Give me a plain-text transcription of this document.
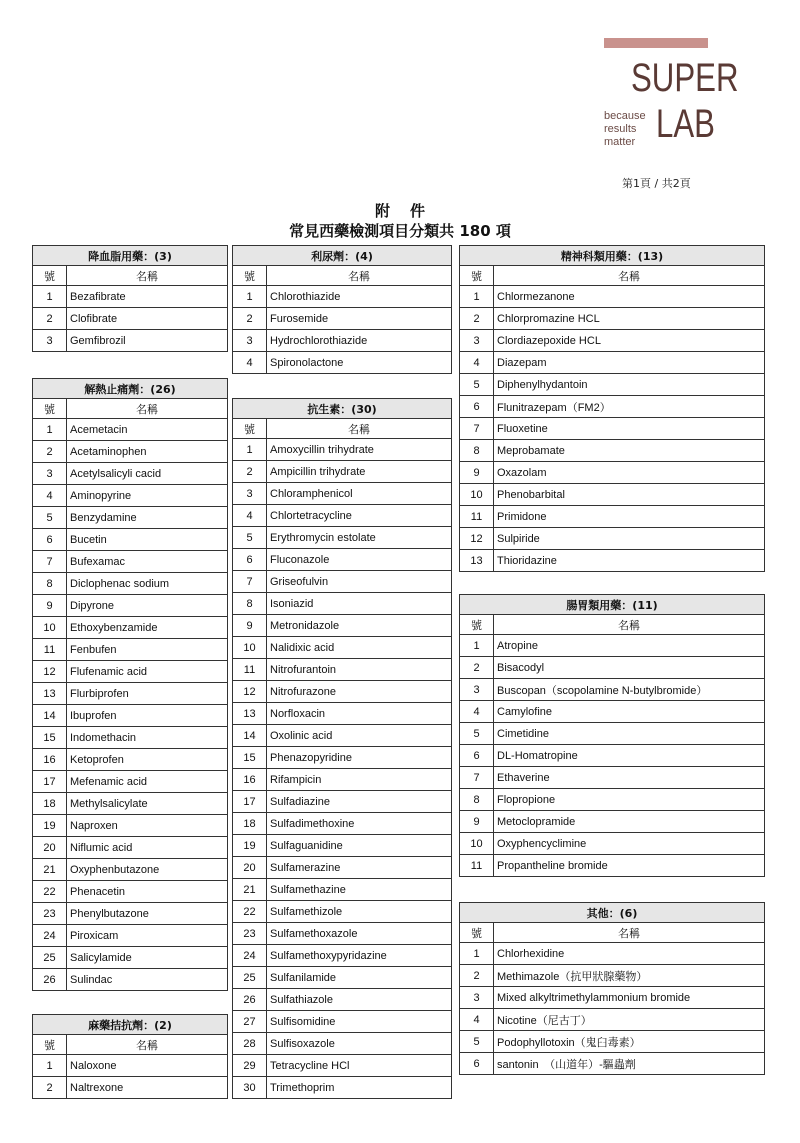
SUPER
LAB
because
results
matter
第1頁 / 共2頁
附件
常見西藥檢測項目分類共 180 項
降血脂用藥：(3)	
號	名稱
1	Bezafibrate
2	Clofibrate
3	Gemfibrozil
解熱止痛劑：(26)	
號	名稱
1	Acemetacin
2	Acetaminophen
3	Acetylsalicyli cacid
4	Aminopyrine
5	Benzydamine
6	Bucetin
7	Bufexamac
8	Diclophenac sodium
9	Dipyrone
10	Ethoxybenzamide
11	Fenbufen
12	Flufenamic acid
13	Flurbiprofen
14	Ibuprofen
15	Indomethacin
16	Ketoprofen
17	Mefenamic acid
18	Methylsalicylate
19	Naproxen
20	Niflumic acid
21	Oxyphenbutazone
22	Phenacetin
23	Phenylbutazone
24	Piroxicam
25	Salicylamide
26	Sulindac
麻藥拮抗劑：(2)	
號	名稱
1	Naloxone
2	Naltrexone
利尿劑：(4)	
號	名稱
1	Chlorothiazide
2	Furosemide
3	Hydrochlorothiazide
4	Spironolactone
抗生素：(30)	
號	名稱
1	Amoxycillin trihydrate
2	Ampicillin trihydrate
3	Chloramphenicol
4	Chlortetracycline
5	Erythromycin estolate
6	Fluconazole
7	Griseofulvin
8	Isoniazid
9	Metronidazole
10	Nalidixic acid
11	Nitrofurantoin
12	Nitrofurazone
13	Norfloxacin
14	Oxolinic acid
15	Phenazopyridine
16	Rifampicin
17	Sulfadiazine
18	Sulfadimethoxine
19	Sulfaguanidine
20	Sulfamerazine
21	Sulfamethazine
22	Sulfamethizole
23	Sulfamethoxazole
24	Sulfamethoxypyridazine
25	Sulfanilamide
26	Sulfathiazole
27	Sulfisomidine
28	Sulfisoxazole
29	Tetracycline HCl
30	Trimethoprim
精神科類用藥：(13)	
號	名稱
1	Chlormezanone
2	Chlorpromazine HCL
3	Clordiazepoxide HCL
4	Diazepam
5	Diphenylhydantoin
6	Flunitrazepam（FM2）
7	Fluoxetine
8	Meprobamate
9	Oxazolam
10	Phenobarbital
11	Primidone
12	Sulpiride
13	Thioridazine
腸胃類用藥：(11)	
號	名稱
1	Atropine
2	Bisacodyl
3	Buscopan（scopolamine N-butylbromide）
4	Camylofine
5	Cimetidine
6	DL-Homatropine
7	Ethaverine
8	Flopropione
9	Metoclopramide
10	Oxyphencyclimine
11	Propantheline bromide
其他：(6)	
號	名稱
1	Chlorhexidine
2	Methimazole（抗甲狀腺藥物）
3	Mixed alkyltrimethylammonium bromide
4	Nicotine（尼古丁）
5	Podophyllotoxin（鬼臼毒素）
6	santonin　（山道年）-驅蟲劑
